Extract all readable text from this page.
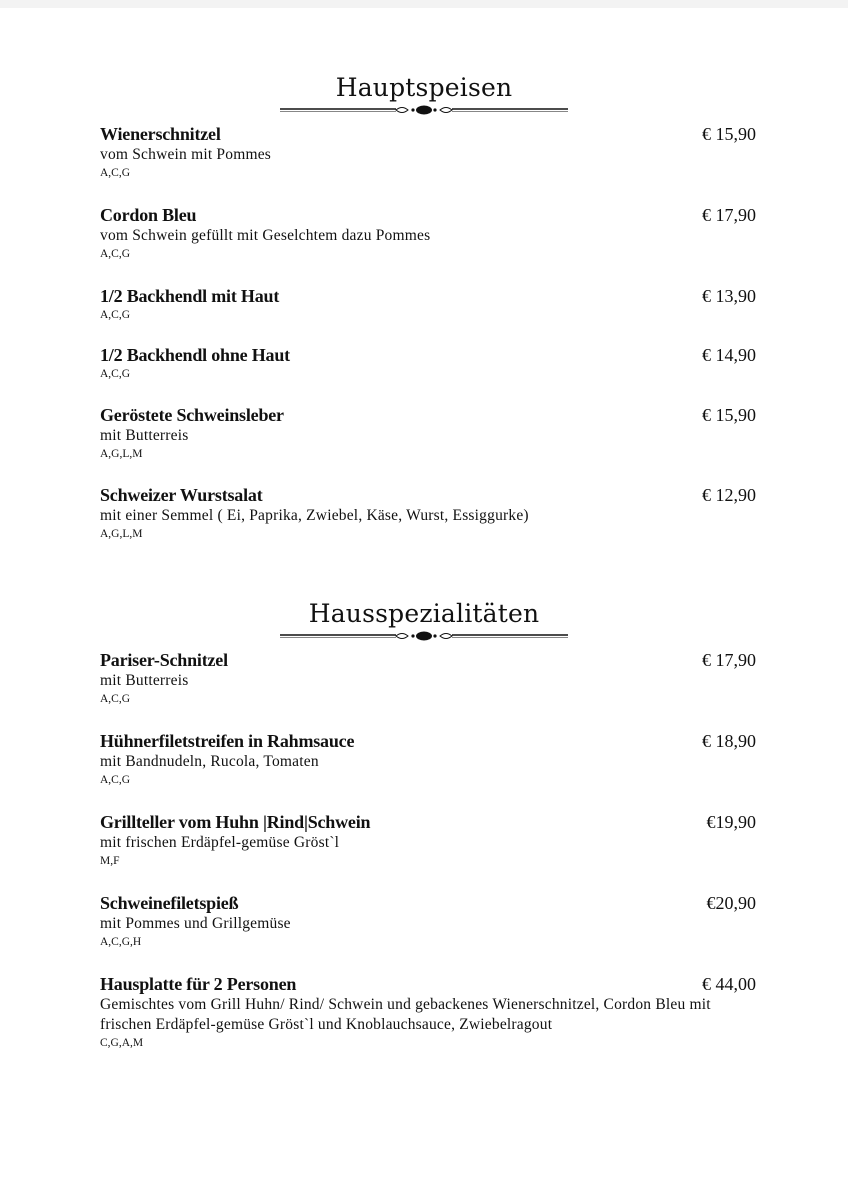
Hauptspeisen
Wienerschnitzel	€ 15,90
vom Schwein mit Pommes
A,C,G
Cordon Bleu	€ 17,90
vom Schwein gefüllt mit Geselchtem dazu Pommes
A,C,G
1/2 Backhendl mit Haut	€ 13,90
A,C,G
1/2 Backhendl ohne Haut	€ 14,90
A,C,G
Geröstete Schweinsleber	€ 15,90
mit Butterreis
A,G,L,M
Schweizer Wurstsalat	€ 12,90
mit einer Semmel ( Ei, Paprika, Zwiebel, Käse, Wurst, Essiggurke)
A,G,L,M
Hausspezialitäten
Pariser-Schnitzel	€ 17,90
mit Butterreis
A,C,G
Hühnerfiletstreifen in Rahmsauce	€ 18,90
mit Bandnudeln, Rucola, Tomaten
A,C,G
Grillteller vom Huhn |Rind|Schwein	€19,90
mit frischen Erdäpfel-gemüse Gröst`l
M,F
Schweinefiletspieß	€20,90
mit Pommes und Grillgemüse
A,C,G,H
Hausplatte für 2 Personen	€ 44,00
Gemischtes vom Grill Huhn/ Rind/ Schwein und gebackenes Wienerschnitzel, Cordon Bleu mit frischen Erdäpfel-gemüse Gröst`l und Knoblauchsauce, Zwiebelragout
C,G,A,M
